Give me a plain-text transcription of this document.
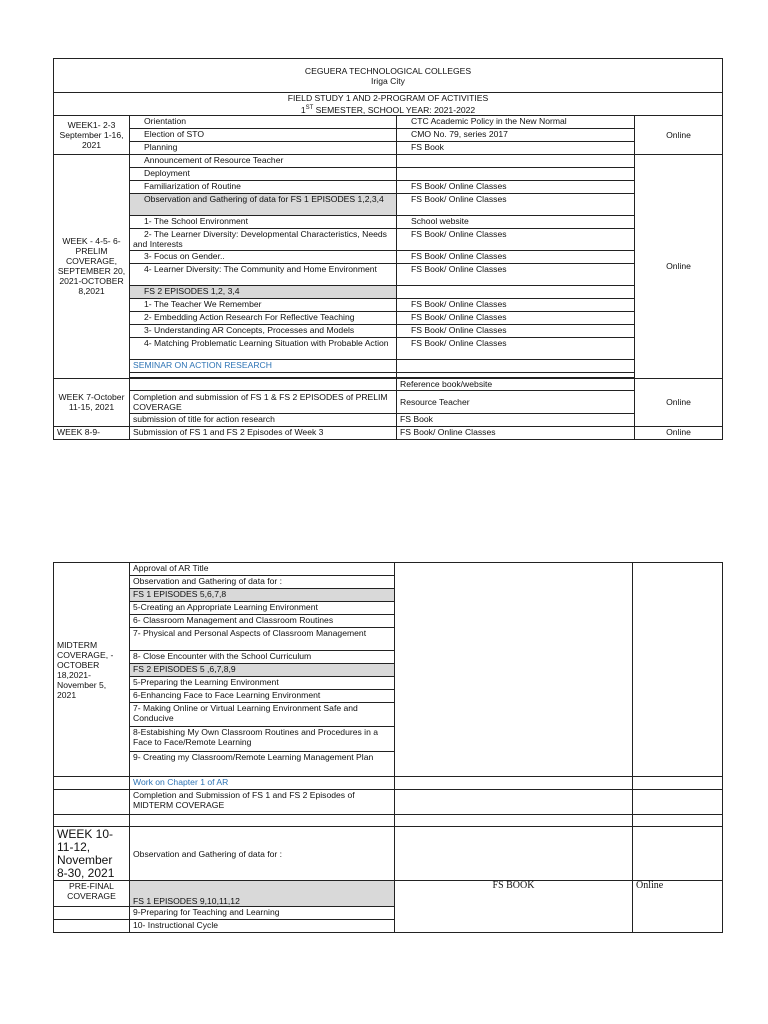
CEGUERA TECHNOLOGICAL COLLEGES
Iriga City			

FIELD STUDY 1 AND 2-PROGRAM OF ACTIVITIES
1ST SEMESTER, SCHOOL YEAR: 2021-2022			

WEEK1- 2-3 September 1-16, 2021	Orientation	CTC Academic Policy in the New Normal	Online
	Election of STO	CMO No. 79, series 2017	
	Planning	FS Book	
WEEK - 4-5- 6-PRELIM COVERAGE, SEPTEMBER 20, 2021-OCTOBER 8,2021	Announcement of Resource Teacher		Online
	Deployment		
	Familiarization of Routine	FS Book/ Online Classes	
	Observation and Gathering of data for FS 1 EPISODES 1,2,3,4	FS Book/ Online Classes	
	1- The School Environment	School website	
	2- The Learner Diversity: Developmental Characteristics, Needs and Interests	FS Book/ Online Classes	
	3- Focus on Gender..	FS Book/ Online Classes	
	4- Learner Diversity: The Community and Home Environment	FS Book/ Online Classes	
	FS 2 EPISODES 1,2, 3,4		
	1- The Teacher We Remember	FS Book/ Online Classes	
	2- Embedding Action Research For Reflective Teaching	FS Book/ Online Classes	
	3- Understanding AR Concepts, Processes and Models	FS Book/ Online Classes	
	4- Matching Problematic Learning Situation with Probable Action	FS Book/ Online Classes	
	SEMINAR ON ACTION RESEARCH		

WEEK 7-October 11-15, 2021		Reference book/website	Online
	Completion and submission of FS 1 & FS 2 EPISODES of PRELIM COVERAGE	Resource Teacher	
	submission of title for action research	FS Book	
WEEK 8-9-	Submission of FS 1 and FS 2 Episodes of Week 3	FS Book/ Online Classes	Online
MIDTERM COVERAGE, -OCTOBER 18,2021-November 5, 2021	Approval of AR Title		
	Observation and Gathering of data for :		
	FS 1 EPISODES 5,6,7,8		
	5-Creating an Appropriate Learning Environment		
	6- Classroom Management and Classroom Routines		
	7- Physical and Personal Aspects of Classroom Management		
	8- Close Encounter with the School Curriculum		
	FS 2 EPISODES 5 ,6,7,8,9		
	5-Preparing the Learning Environment		
	6-Enhancing Face to Face Learning Environment		
	7- Making Online or Virtual Learning Environment Safe and Conducive		
	8-Estabishing My Own Classroom Routines and Procedures in a Face to Face/Remote Learning		
	9- Creating my Classroom/Remote Learning Management Plan		
	Work on Chapter 1 of AR		
	Completion and Submission of FS 1 and FS 2 Episodes of MIDTERM COVERAGE		

WEEK 10-11-12, November 8-30, 2021	Observation and Gathering of data for :		
PRE-FINAL COVERAGE	FS 1 EPISODES 9,10,11,12	FS BOOK	Online
	9-Preparing for Teaching and Learning		
	10- Instructional Cycle		
